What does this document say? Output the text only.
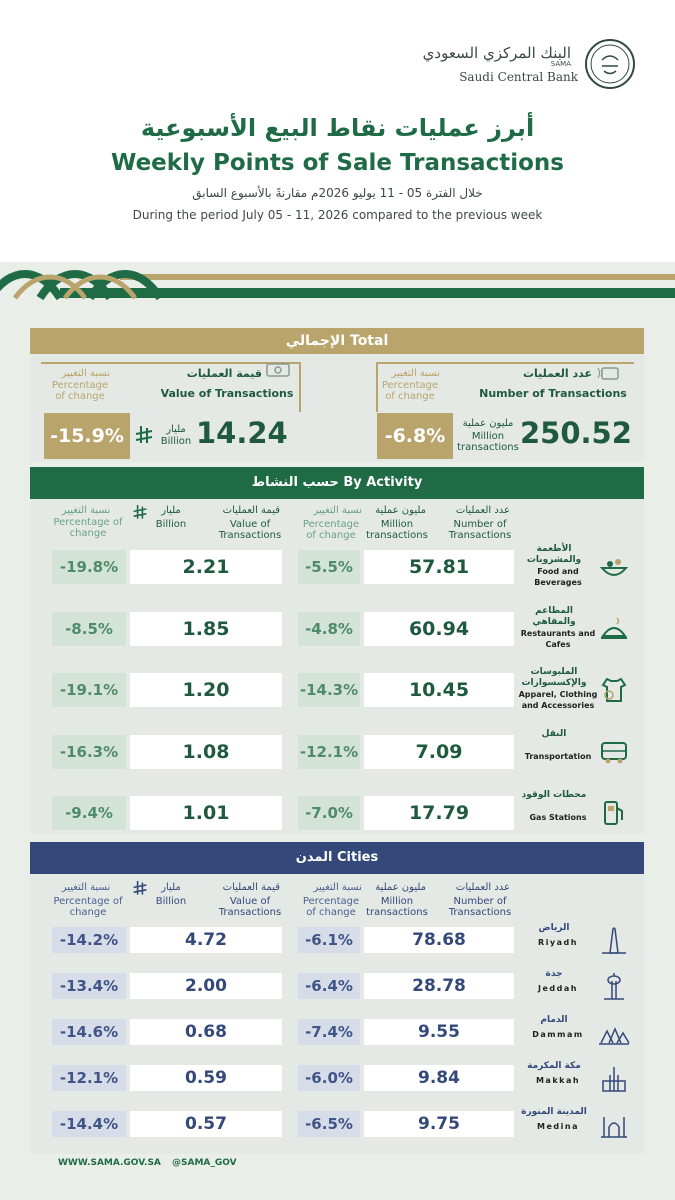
البنك المركزي السعودي
SAMA
Saudi Central Bank
أبرز عمليات نقاط البيع الأسبوعية
Weekly Points of Sale Transactions
خلال الفترة 05 - 11 يوليو 2026م مقارنةً بالأسبوع السابق
During the period July 05 - 11, 2026 compared to the previous week
الإجمالي Total
نسبة التغيير
Percentage of change
قيمة العمليات
Value of Transactions
-15.9%	مليار
Billion 14.24
نسبة التغيير
Percentage of change
عدد العمليات
Number of Transactions
-6.8%
مليون عملية
Million transactions 250.52
حسب النشاط By Activity
نسبة التغيير
Percentage of change
مليار
Billion
قيمة العمليات
Value of Transactions
نسبة التغيير
Percentage of change
مليون عملية
Million transactions
عدد العمليات
Number of Transactions
-19.8%	2.21	-5.5%	57.81
الأطعمة والمشروبات
Food and Beverages
-8.5%	1.85	-4.8%	60.94
المطاعم والمقاهي
Restaurants and Cafes
-19.1%	1.20	-14.3%	10.45
الملبوسات والإكسسوارات
Apparel, Clothing and Accessories
-16.3%	1.08	-12.1%	7.09
النقل
Transportation
-9.4%	1.01	-7.0%	17.79
محطات الوقود
Gas Stations
المدن Cities
نسبة التغيير
Percentage of change
مليار
Billion
قيمة العمليات
Value of Transactions
نسبة التغيير
Percentage of change
مليون عملية
Million transactions
عدد العمليات
Number of Transactions
-14.2%	4.72	-6.1%	78.68
الرياض
Riyadh
-13.4%	2.00	-6.4%	28.78
جدة
Jeddah
-14.6%	0.68	-7.4%	9.55
الدمام
Dammam
-12.1%	0.59	-6.0%	9.84
مكة المكرمة
Makkah
-14.4%	0.57	-6.5%	9.75
المدينة المنورة
Medina
WWW.SAMA.GOV.SA @SAMA_GOV
